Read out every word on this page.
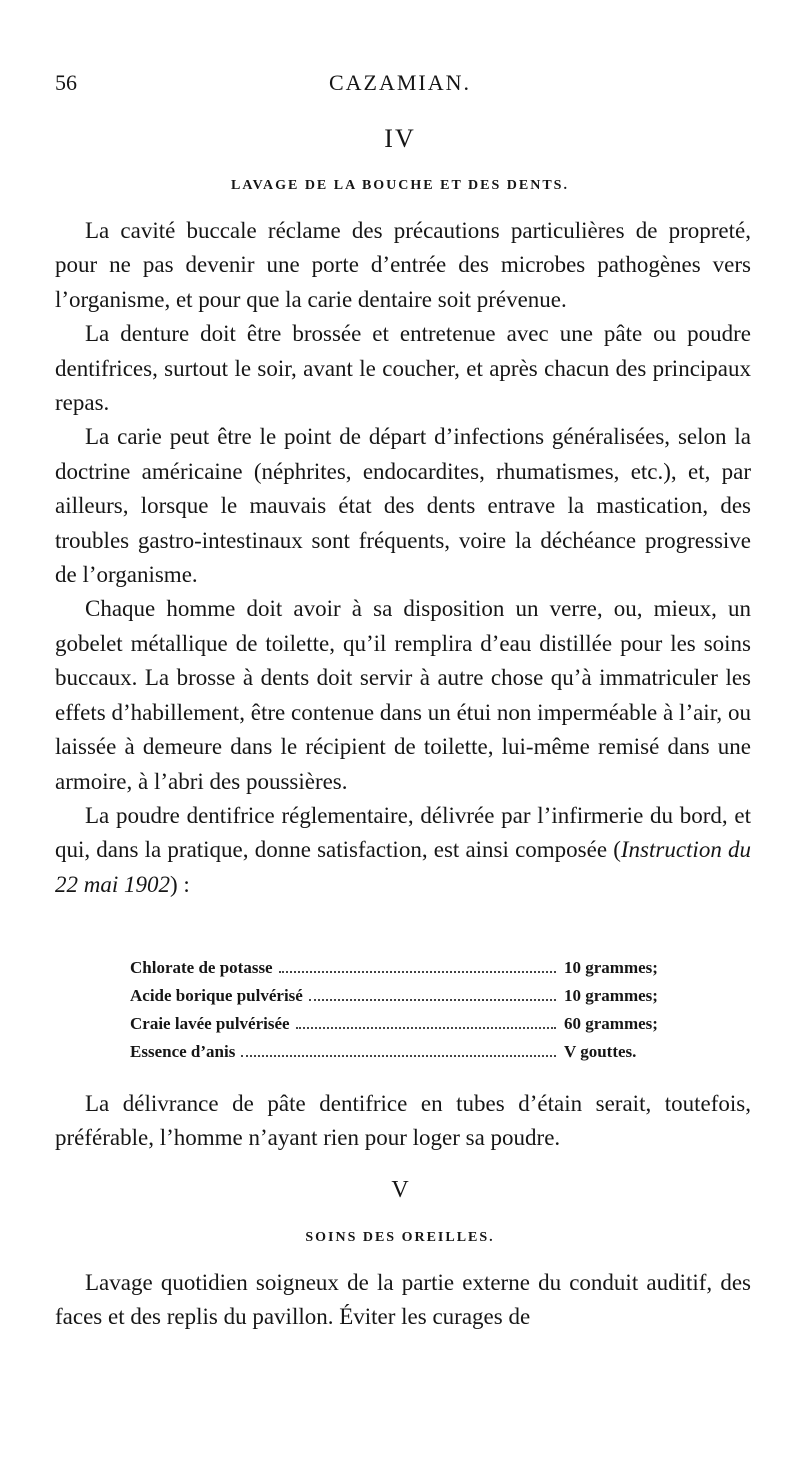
56	CAZAMIAN.
IV
LAVAGE DE LA BOUCHE ET DES DENTS.

La cavité buccale réclame des précautions particulières de propreté, pour ne pas devenir une porte d’entrée des microbes pathogènes vers l’organisme, et pour que la carie dentaire soit prévenue.

La denture doit être brossée et entretenue avec une pâte ou poudre dentifrices, surtout le soir, avant le coucher, et après chacun des principaux repas.

La carie peut être le point de départ d’infections généralisées, selon la doctrine américaine (néphrites, endocardites, rhumatismes, etc.), et, par ailleurs, lorsque le mauvais état des dents entrave la mastication, des troubles gastro-intestinaux sont fréquents, voire la déchéance progressive de l’organisme.

Chaque homme doit avoir à sa disposition un verre, ou, mieux, un gobelet métallique de toilette, qu’il remplira d’eau distillée pour les soins buccaux. La brosse à dents doit servir à autre chose qu’à immatriculer les effets d’habillement, être contenue dans un étui non imperméable à l’air, ou laissée à demeure dans le récipient de toilette, lui-même remisé dans une armoire, à l’abri des poussières.

La poudre dentifrice réglementaire, délivrée par l’infirmerie du bord, et qui, dans la pratique, donne satisfaction, est ainsi composée (Instruction du 22 mai 1902) :

Chlorate de potasse	10 grammes;
Acide borique pulvérisé	10 grammes;
Craie lavée pulvérisée	60 grammes;
Essence d’anis	V gouttes.

La délivrance de pâte dentifrice en tubes d’étain serait, toutefois, préférable, l’homme n’ayant rien pour loger sa poudre.

V
SOINS DES OREILLES.

Lavage quotidien soigneux de la partie externe du conduit auditif, des faces et des replis du pavillon. Éviter les curages de
